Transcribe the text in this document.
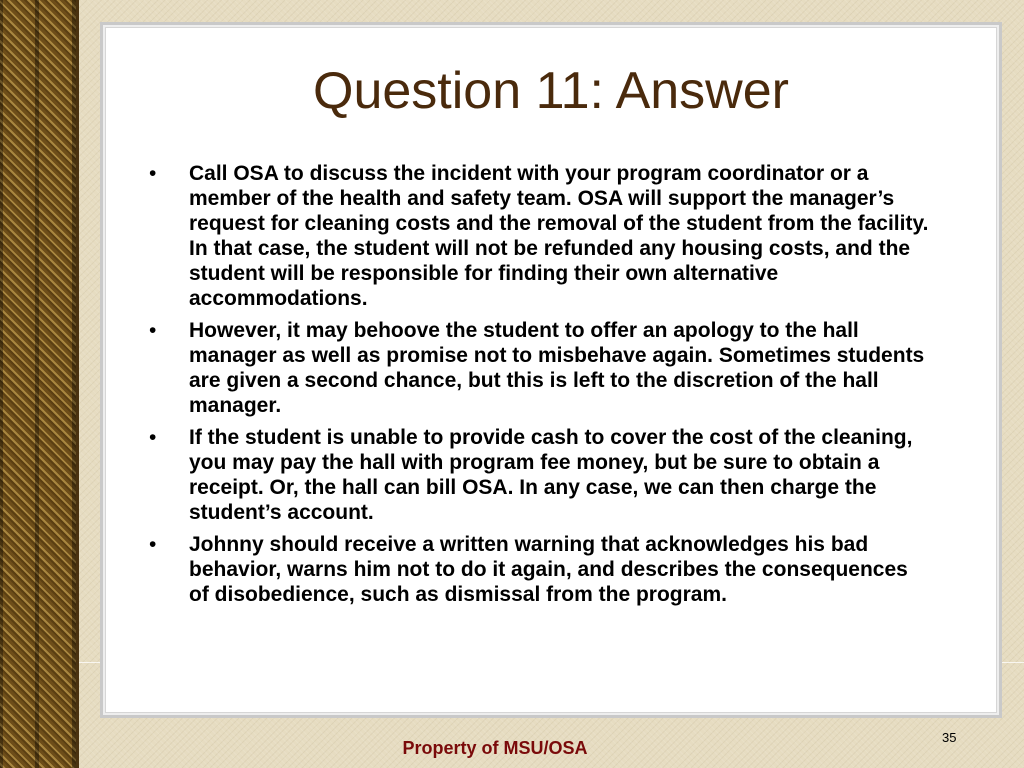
Question 11: Answer
• Call OSA to discuss the incident with your program coordinator or a member of the health and safety team. OSA will support the manager’s request for cleaning costs and the removal of the student from the facility. In that case, the student will not be refunded any housing costs, and the student will be responsible for finding their own alternative accommodations.
• However, it may behoove the student to offer an apology to the hall manager as well as promise not to misbehave again. Sometimes students are given a second chance, but this is left to the discretion of the hall manager.
• If the student is unable to provide cash to cover the cost of the cleaning, you may pay the hall with program fee money, but be sure to obtain a receipt. Or, the hall can bill OSA. In any case, we can then charge the student’s account.
• Johnny should receive a written warning that acknowledges his bad behavior, warns him not to do it again, and describes the consequences of disobedience, such as dismissal from the program.
35
Property of MSU/OSA
